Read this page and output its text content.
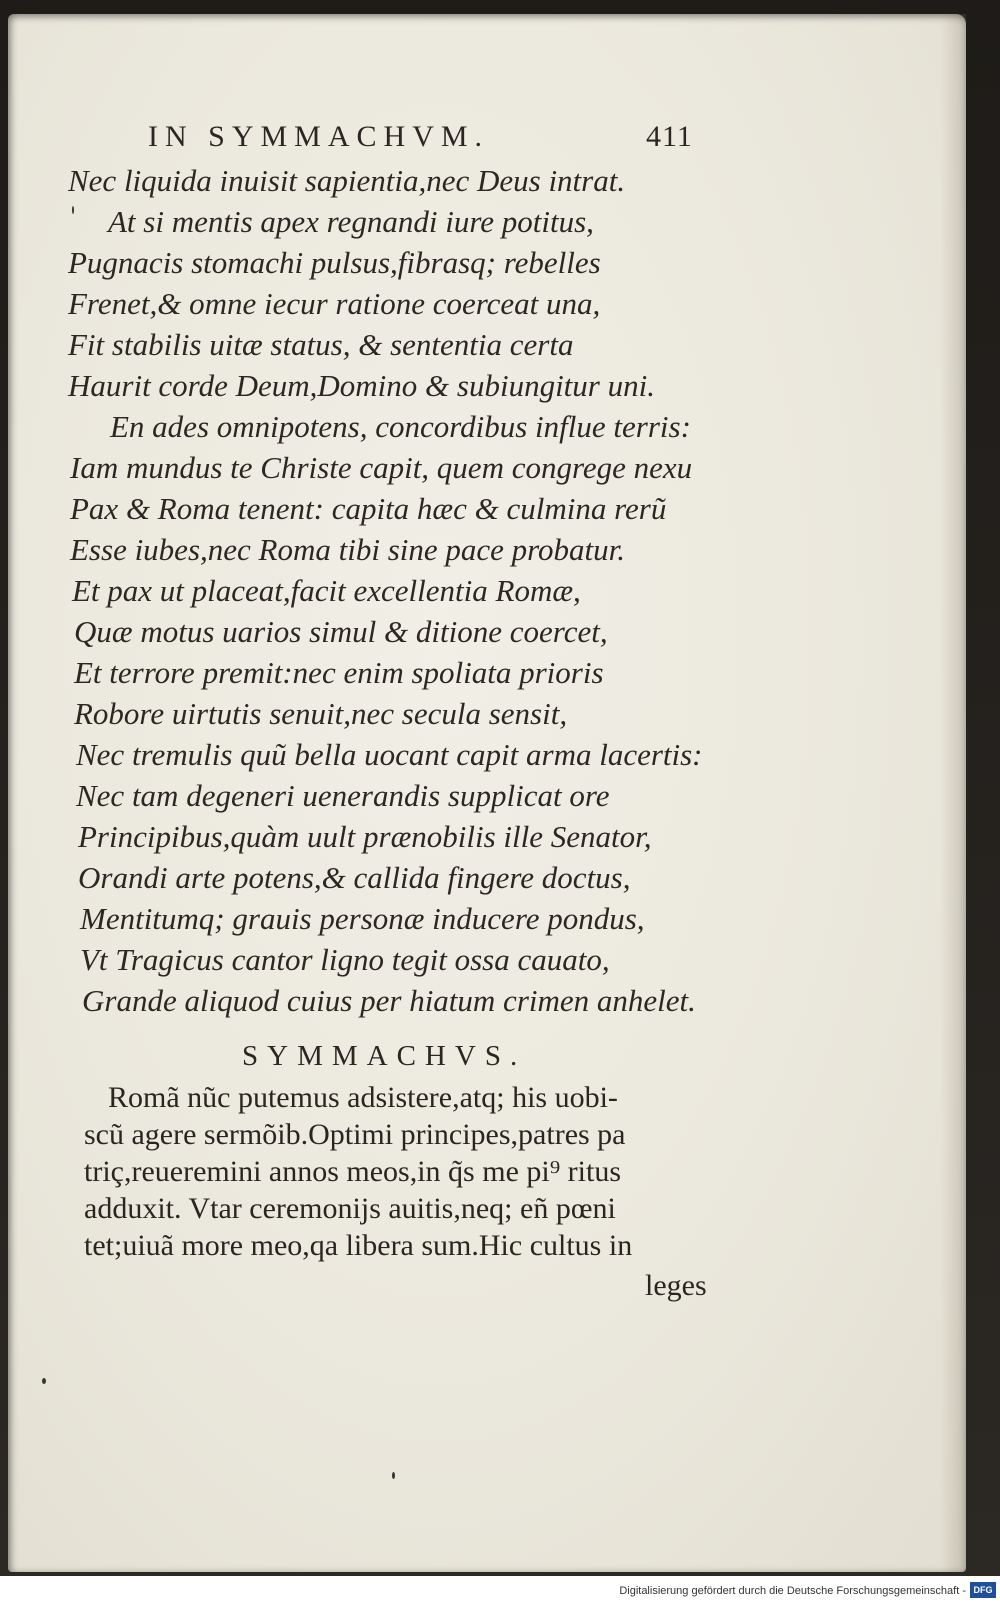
IN SYMMACHVM.	411
Nec liquida inuisit sapientia,nec Deus intrat.
At si mentis apex regnandi iure potitus,
Pugnacis stomachi pulsus,fibrasq; rebelles
Frenet,& omne iecur ratione coerceat una,
Fit stabilis uitæ status, & sententia certa
Haurit corde Deum,Domino & subiungitur uni.
En ades omnipotens, concordibus influe terris:
Iam mundus te Christe capit, quem congrege nexu
Pax & Roma tenent: capita hæc & culmina rerũ
Esse iubes,nec Roma tibi sine pace probatur.
Et pax ut placeat,facit excellentia Romæ,
Quæ motus uarios simul & ditione coercet,
Et terrore premit:nec enim spoliata prioris
Robore uirtutis senuit,nec secula sensit,
Nec tremulis quũ bella uocant capit arma lacertis:
Nec tam degeneri uenerandis supplicat ore
Principibus,quàm uult prænobilis ille Senator,
Orandi arte potens,& callida fingere doctus,
Mentitumq; grauis personæ inducere pondus,
Vt Tragicus cantor ligno tegit ossa cauato,
Grande aliquod cuius per hiatum crimen anhelet.
SYMMACHVS.
Romã nũc putemus adsistere,atq; his uobi-
scũ agere sermõib.Optimi principes,patres pa
triç,reueremini annos meos,in q̃s me pi⁹ ritus
adduxit. Vtar ceremonijs auitis,neq; eñ pœni
tet;uiuã more meo,qa libera sum.Hic cultus in
leges
Digitalisierung gefördert durch die Deutsche Forschungsgemeinschaft - DFG
